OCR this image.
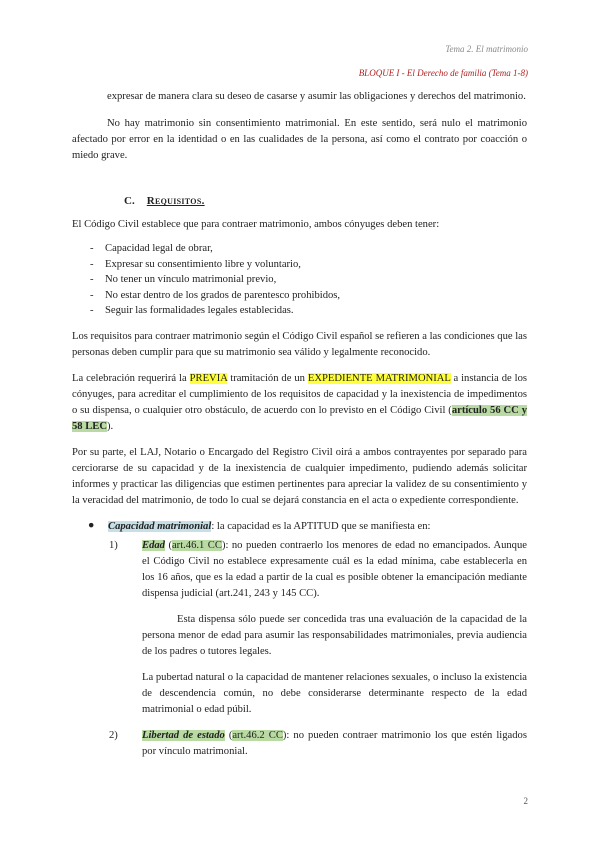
Tema 2. El matrimonio
BLOQUE I - El Derecho de familia (Tema 1-8)

expresar de manera clara su deseo de casarse y asumir las obligaciones y derechos del matrimonio.

No hay matrimonio sin consentimiento matrimonial. En este sentido, será nulo el matrimonio afectado por error en la identidad o en las cualidades de la persona, así como el contrato por coacción o miedo grave.

C. Requisitos.

El Código Civil establece que para contraer matrimonio, ambos cónyuges deben tener:

- Capacidad legal de obrar,
- Expresar su consentimiento libre y voluntario,
- No tener un vínculo matrimonial previo,
- No estar dentro de los grados de parentesco prohibidos,
- Seguir las formalidades legales establecidas.

Los requisitos para contraer matrimonio según el Código Civil español se refieren a las condiciones que las personas deben cumplir para que su matrimonio sea válido y legalmente reconocido.

La celebración requerirá la PREVIA tramitación de un EXPEDIENTE MATRIMONIAL a instancia de los cónyuges, para acreditar el cumplimiento de los requisitos de capacidad y la inexistencia de impedimentos o su dispensa, o cualquier otro obstáculo, de acuerdo con lo previsto en el Código Civil (artículo 56 CC y 58 LEC).

Por su parte, el LAJ, Notario o Encargado del Registro Civil oirá a ambos contrayentes por separado para cerciorarse de su capacidad y de la inexistencia de cualquier impedimento, pudiendo además solicitar informes y practicar las diligencias que estimen pertinentes para apreciar la validez de su consentimiento y la veracidad del matrimonio, de todo lo cual se dejará constancia en el acta o expediente correspondiente.

● Capacidad matrimonial: la capacidad es la APTITUD que se manifiesta en:
1) Edad (art.46.1 CC): no pueden contraerlo los menores de edad no emancipados. Aunque el Código Civil no establece expresamente cuál es la edad mínima, cabe establecerla en los 16 años, que es la edad a partir de la cual es posible obtener la emancipación mediante dispensa judicial (art.241, 243 y 145 CC).

Esta dispensa sólo puede ser concedida tras una evaluación de la capacidad de la persona menor de edad para asumir las responsabilidades matrimoniales, previa audiencia de los padres o tutores legales.

La pubertad natural o la capacidad de mantener relaciones sexuales, o incluso la existencia de descendencia común, no debe considerarse determinante respecto de la edad matrimonial o edad púbil.

2) Libertad de estado (art.46.2 CC): no pueden contraer matrimonio los que estén ligados por vínculo matrimonial.

2
